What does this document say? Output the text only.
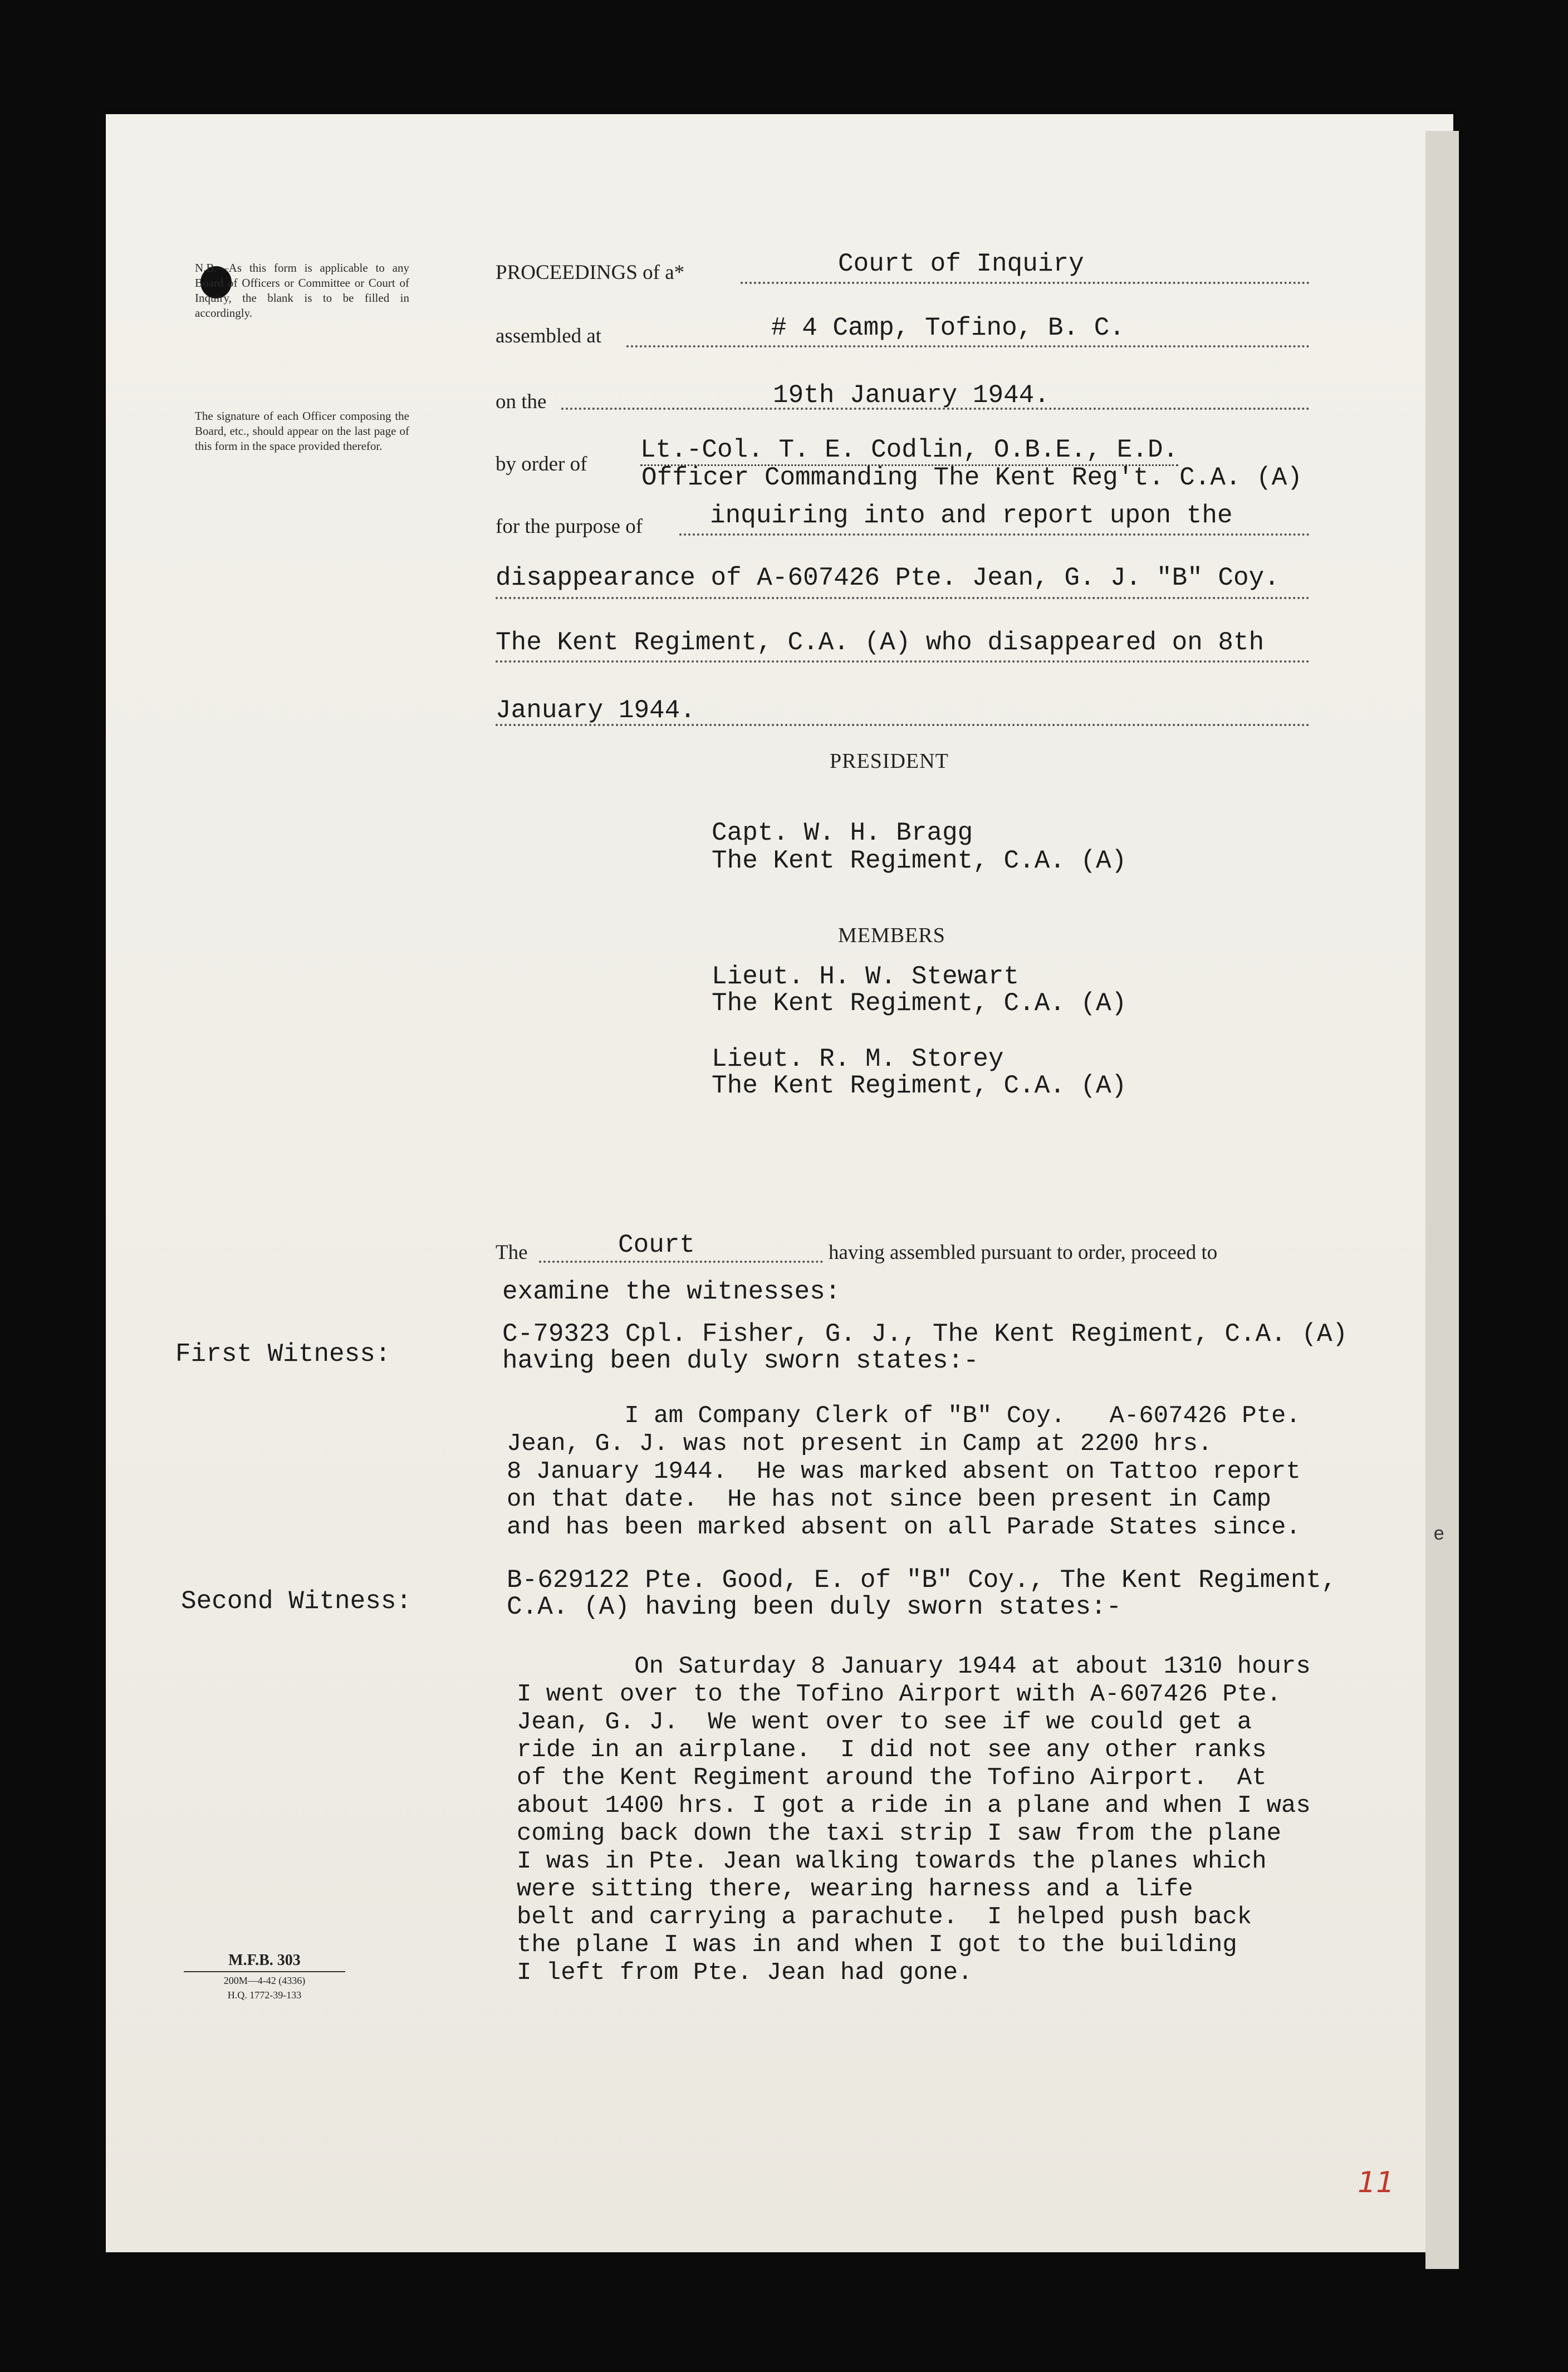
N.B.—As this form is applicable to any Board of Officers or Committee or Court of Inquiry, the blank is to be filled in accordingly.
The signature of each Officer composing the Board, etc., should appear on the last page of this form in the space provided therefor.
PROCEEDINGS of a*	Court of Inquiry
assembled at	# 4 Camp, Tofino, B. C.
on the	19th January 1944.
by order of Lt.-Col. T. E. Codlin, O.B.E., E.D.
Officer Commanding The Kent Reg't. C.A. (A)
for the purpose of	inquiring into and report upon the
disappearance of A-607426 Pte. Jean, G. J. "B" Coy.
The Kent Regiment, C.A. (A) who disappeared on 8th
January 1944.
PRESIDENT
Capt. W. H. Bragg
The Kent Regiment, C.A. (A)
MEMBERS
Lieut. H. W. Stewart
The Kent Regiment, C.A. (A)
Lieut. R. M. Storey
The Kent Regiment, C.A. (A)
The	Court	having assembled pursuant to order, proceed to
examine the witnesses:
First Witness:
C-79323 Cpl. Fisher, G. J., The Kent Regiment, C.A. (A)
having been duly sworn states:-
I am Company Clerk of "B" Coy.   A-607426 Pte.
Jean, G. J. was not present in Camp at 2200 hrs.
8 January 1944.  He was marked absent on Tattoo report
on that date.  He has not since been present in Camp
and has been marked absent on all Parade States since.
Second Witness:
B-629122 Pte. Good, E. of "B" Coy., The Kent Regiment,
C.A. (A) having been duly sworn states:-
On Saturday 8 January 1944 at about 1310 hours
I went over to the Tofino Airport with A-607426 Pte.
Jean, G. J.  We went over to see if we could get a
ride in an airplane.  I did not see any other ranks
of the Kent Regiment around the Tofino Airport.  At
about 1400 hrs. I got a ride in a plane and when I was
coming back down the taxi strip I saw from the plane
I was in Pte. Jean walking towards the planes which
were sitting there, wearing harness and a life
belt and carrying a parachute.  I helped push back
the plane I was in and when I got to the building
I left from Pte. Jean had gone.
M.F.B. 303
200M—4-42 (4336)
H.Q. 1772-39-133
e
11
